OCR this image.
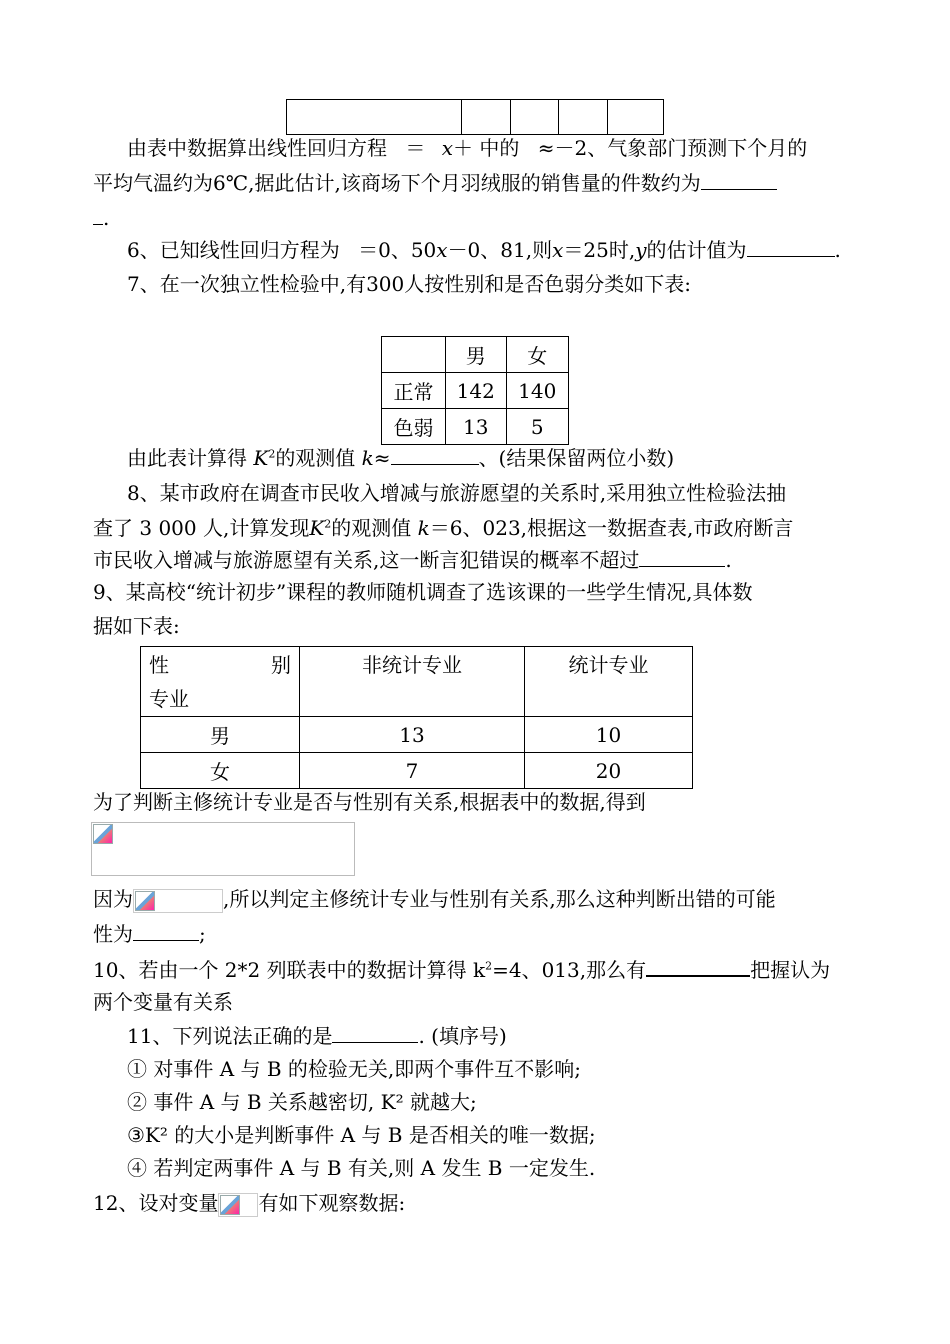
由表中数据算出线性回归方程 ＝ x＋ 中的 ≈－2、气象部门预测下个月的
平均气温约为6℃,据此估计,该商场下个月羽绒服的销售量的件数约为
.
6、已知线性回归方程为 ＝0、50x－0、81,则x＝25时,y的估计值为	.
7、在一次独立性检验中,有300人按性别和是否色弱分类如下表:
	男	女
正常	142	140
色弱	13	5
由此表计算得 $K^2$的观测值 k≈	、(结果保留两位小数)
8、某市政府在调查市民收入增减与旅游愿望的关系时,采用独立性检验法抽
查了 3 000 人,计算发现$K^2$的观测值 k＝6、023,根据这一数据查表,市政府断言
市民收入增减与旅游愿望有关系,这一断言犯错误的概率不超过	.
9、某高校“统计初步”课程的教师随机调查了选该课的一些学生情况,具体数
据如下表:
性 别
专业	非统计专业	统计专业
男	13	10
女	7	20
为了判断主修统计专业是否与性别有关系,根据表中的数据,得到
因为	,所以判定主修统计专业与性别有关系,那么这种判断出错的可能
性为	;
10、若由一个 2*2 列联表中的数据计算得 $k^2=4$、013,那么有	把握认为
两个变量有关系
11、下列说法正确的是	. (填序号)
① 对事件 A 与 B 的检验无关,即两个事件互不影响;
② 事件 A 与 B 关系越密切, K² 就越大;
③K² 的大小是判断事件 A 与 B 是否相关的唯一数据;
④ 若判定两事件 A 与 B 有关,则 A 发生 B 一定发生.
12、设对变量 有如下观察数据:
